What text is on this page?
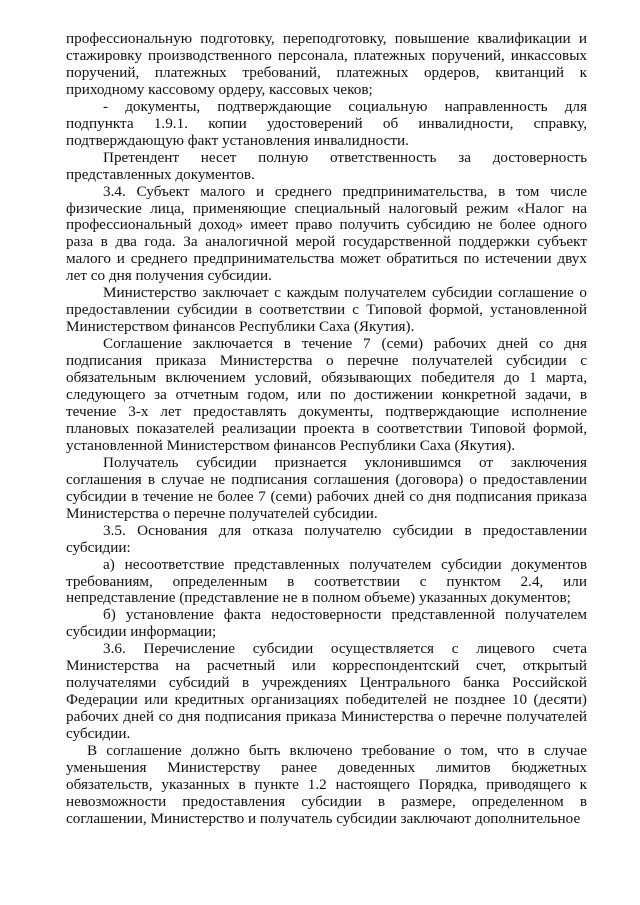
профессиональную подготовку, переподготовку, повышение квалификации и стажировку производственного персонала, платежных поручений, инкассовых поручений, платежных требований, платежных ордеров, квитанций к приходному кассовому ордеру, кассовых чеков;

- документы, подтверждающие социальную направленность для подпункта 1.9.1. копии удостоверений об инвалидности, справку, подтверждающую факт установления инвалидности.

Претендент несет полную ответственность за достоверность представленных документов.

3.4. Субъект малого и среднего предпринимательства, в том числе физические лица, применяющие специальный налоговый режим «Налог на профессиональный доход» имеет право получить субсидию не более одного раза в два года. За аналогичной мерой государственной поддержки субъект малого и среднего предпринимательства может обратиться по истечении двух лет со дня получения субсидии.

Министерство заключает с каждым получателем субсидии соглашение о предоставлении субсидии в соответствии с Типовой формой, установленной Министерством финансов Республики Саха (Якутия).

Соглашение заключается в течение 7 (семи) рабочих дней со дня подписания приказа Министерства о перечне получателей субсидии с обязательным включением условий, обязывающих победителя до 1 марта, следующего за отчетным годом, или по достижении конкретной задачи, в течение 3-х лет предоставлять документы, подтверждающие исполнение плановых показателей реализации проекта в соответствии Типовой формой, установленной Министерством финансов Республики Саха (Якутия).

Получатель субсидии признается уклонившимся от заключения соглашения в случае не подписания соглашения (договора) о предоставлении субсидии в течение не более 7 (семи) рабочих дней со дня подписания приказа Министерства о перечне получателей субсидии.

3.5. Основания для отказа получателю субсидии в предоставлении субсидии:

а) несоответствие представленных получателем субсидии документов требованиям, определенным в соответствии с пунктом 2.4, или непредставление (представление не в полном объеме) указанных документов;

б) установление факта недостоверности представленной получателем субсидии информации;

3.6. Перечисление субсидии осуществляется с лицевого счета Министерства на расчетный или корреспондентский счет, открытый получателями субсидий в учреждениях Центрального банка Российской Федерации или кредитных организациях победителей не позднее 10 (десяти) рабочих дней со дня подписания приказа Министерства о перечне получателей субсидии.

В соглашение должно быть включено требование о том, что в случае уменьшения Министерству ранее доведенных лимитов бюджетных обязательств, указанных в пункте 1.2 настоящего Порядка, приводящего к невозможности предоставления субсидии в размере, определенном в соглашении, Министерство и получатель субсидии заключают дополнительное
